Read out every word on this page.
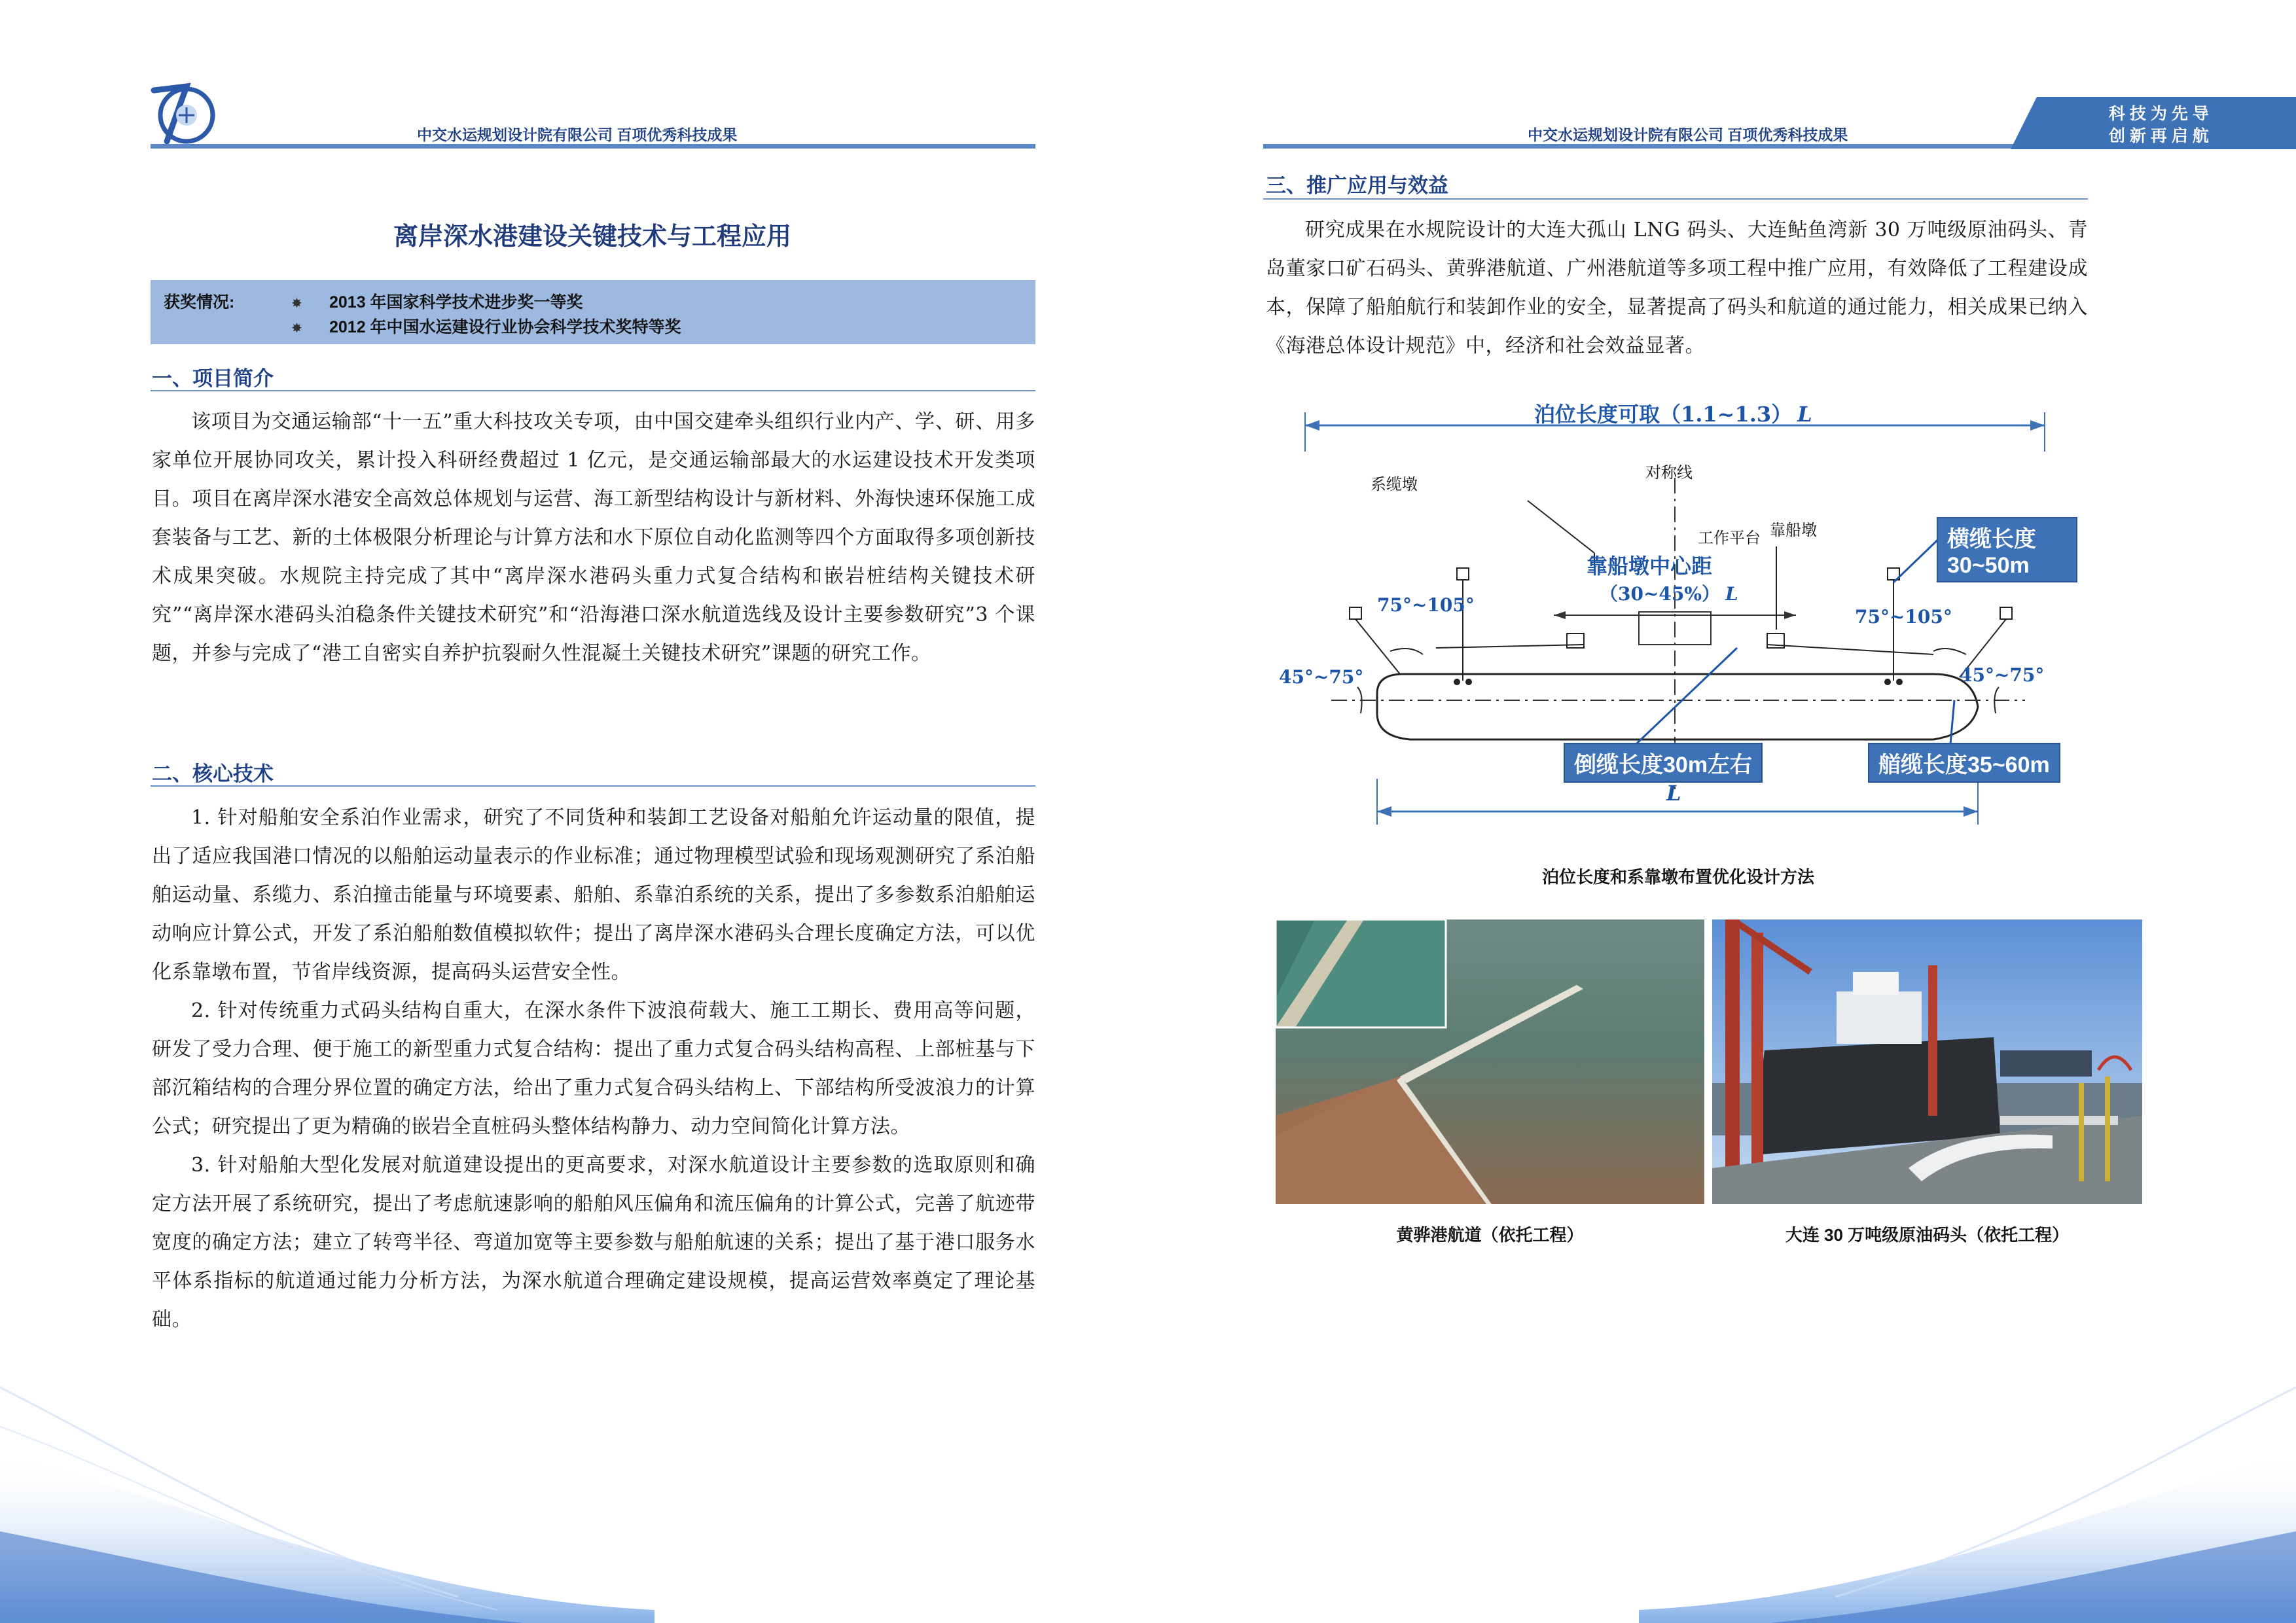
中交水运规划设计院有限公司 百项优秀科技成果
离岸深水港建设关键技术与工程应用
获奖情况:	✸ 2013 年国家科学技术进步奖一等奖
✸ 2012 年中国水运建设行业协会科学技术奖特等奖
一、项目简介

该项目为交通运输部“十一五”重大科技攻关专项，由中国交建牵头组织行业内产、学、研、用多家单位开展协同攻关，累计投入科研经费超过 1 亿元，是交通运输部最大的水运建设技术开发类项目。项目在离岸深水港安全高效总体规划与运营、海工新型结构设计与新材料、外海快速环保施工成套装备与工艺、新的土体极限分析理论与计算方法和水下原位自动化监测等四个方面取得多项创新技术成果突破。水规院主持完成了其中“离岸深水港码头重力式复合结构和嵌岩桩结构关键技术研究”“离岸深水港码头泊稳条件关键技术研究”和“沿海港口深水航道选线及设计主要参数研究”3 个课题，并参与完成了“港工自密实自养护抗裂耐久性混凝土关键技术研究”课题的研究工作。

二、核心技术

1. 针对船舶安全系泊作业需求，研究了不同货种和装卸工艺设备对船舶允许运动量的限值，提出了适应我国港口情况的以船舶运动量表示的作业标准；通过物理模型试验和现场观测研究了系泊船舶运动量、系缆力、系泊撞击能量与环境要素、船舶、系靠泊系统的关系，提出了多参数系泊船舶运动响应计算公式，开发了系泊船舶数值模拟软件；提出了离岸深水港码头合理长度确定方法，可以优化系靠墩布置，节省岸线资源，提高码头运营安全性。

2. 针对传统重力式码头结构自重大，在深水条件下波浪荷载大、施工工期长、费用高等问题，研发了受力合理、便于施工的新型重力式复合结构：提出了重力式复合码头结构高程、上部桩基与下部沉箱结构的合理分界位置的确定方法，给出了重力式复合码头结构上、下部结构所受波浪力的计算公式；研究提出了更为精确的嵌岩全直桩码头整体结构静力、动力空间简化计算方法。

3. 针对船舶大型化发展对航道建设提出的更高要求，对深水航道设计主要参数的选取原则和确定方法开展了系统研究，提出了考虑航速影响的船舶风压偏角和流压偏角的计算公式，完善了航迹带宽度的确定方法；建立了转弯半径、弯道加宽等主要参数与船舶航速的关系；提出了基于港口服务水平体系指标的航道通过能力分析方法，为深水航道合理确定建设规模，提高运营效率奠定了理论基础。

中交水运规划设计院有限公司 百项优秀科技成果
科 技 为 先 导
创 新 再 启 航
三、推广应用与效益

研究成果在水规院设计的大连大孤山 LNG 码头、大连鲇鱼湾新 30 万吨级原油码头、青岛董家口矿石码头、黄骅港航道、广州港航道等多项工程中推广应用，有效降低了工程建设成本，保障了船舶航行和装卸作业的安全，显著提高了码头和航道的通过能力，相关成果已纳入《海港总体设计规范》中，经济和社会效益显著。

泊位长度可取（1.1~1.3） L
系缆墩
对称线
工作平台 靠船墩
靠船墩中心距
（30~45%） L
75°~105°
75°~105°
45°~75°	45°~75°
横缆长度30~50m
倒缆长度30m左右	艏缆长度35~60m
L
泊位长度和系靠墩布置优化设计方法
黄骅港航道（依托工程）	大连 30 万吨级原油码头（依托工程）
